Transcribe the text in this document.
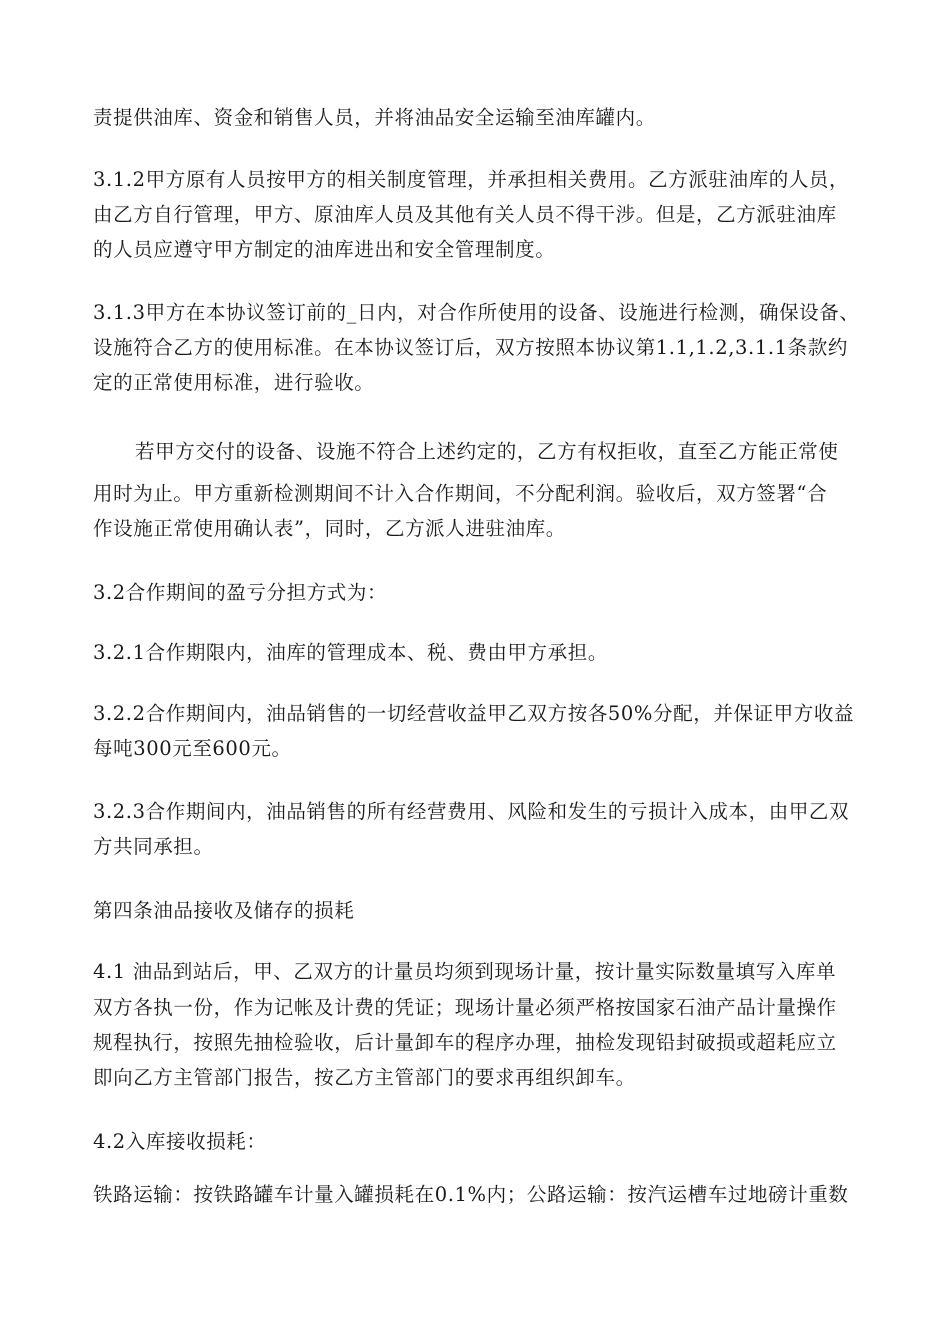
责提供油库、资金和销售人员，并将油品安全运输至油库罐内。

3.1.2甲方原有人员按甲方的相关制度管理，并承担相关费用。乙方派驻油库的人员，

由乙方自行管理，甲方、原油库人员及其他有关人员不得干涉。但是，乙方派驻油库

的人员应遵守甲方制定的油库进出和安全管理制度。

3.1.3甲方在本协议签订前的_日内，对合作所使用的设备、设施进行检测，确保设备、

设施符合乙方的使用标准。在本协议签订后，双方按照本协议第1.1,1.2,3.1.1条款约

定的正常使用标准，进行验收。

若甲方交付的设备、设施不符合上述约定的，乙方有权拒收，直至乙方能正常使

用时为止。甲方重新检测期间不计入合作期间，不分配利润。验收后，双方签署“合

作设施正常使用确认表”，同时，乙方派人进驻油库。

3.2合作期间的盈亏分担方式为：

3.2.1合作期限内，油库的管理成本、税、费由甲方承担。

3.2.2合作期间内，油品销售的一切经营收益甲乙双方按各50%分配，并保证甲方收益

每吨300元至600元。

3.2.3合作期间内，油品销售的所有经营费用、风险和发生的亏损计入成本，由甲乙双

方共同承担。

第四条油品接收及储存的损耗

4.1 油品到站后，甲、乙双方的计量员均须到现场计量，按计量实际数量填写入库单

双方各执一份，作为记帐及计费的凭证；现场计量必须严格按国家石油产品计量操作

规程执行，按照先抽检验收，后计量卸车的程序办理，抽检发现铅封破损或超耗应立

即向乙方主管部门报告，按乙方主管部门的要求再组织卸车。

4.2入库接收损耗：

铁路运输：按铁路罐车计量入罐损耗在0.1%内；公路运输：按汽运槽车过地磅计重数
